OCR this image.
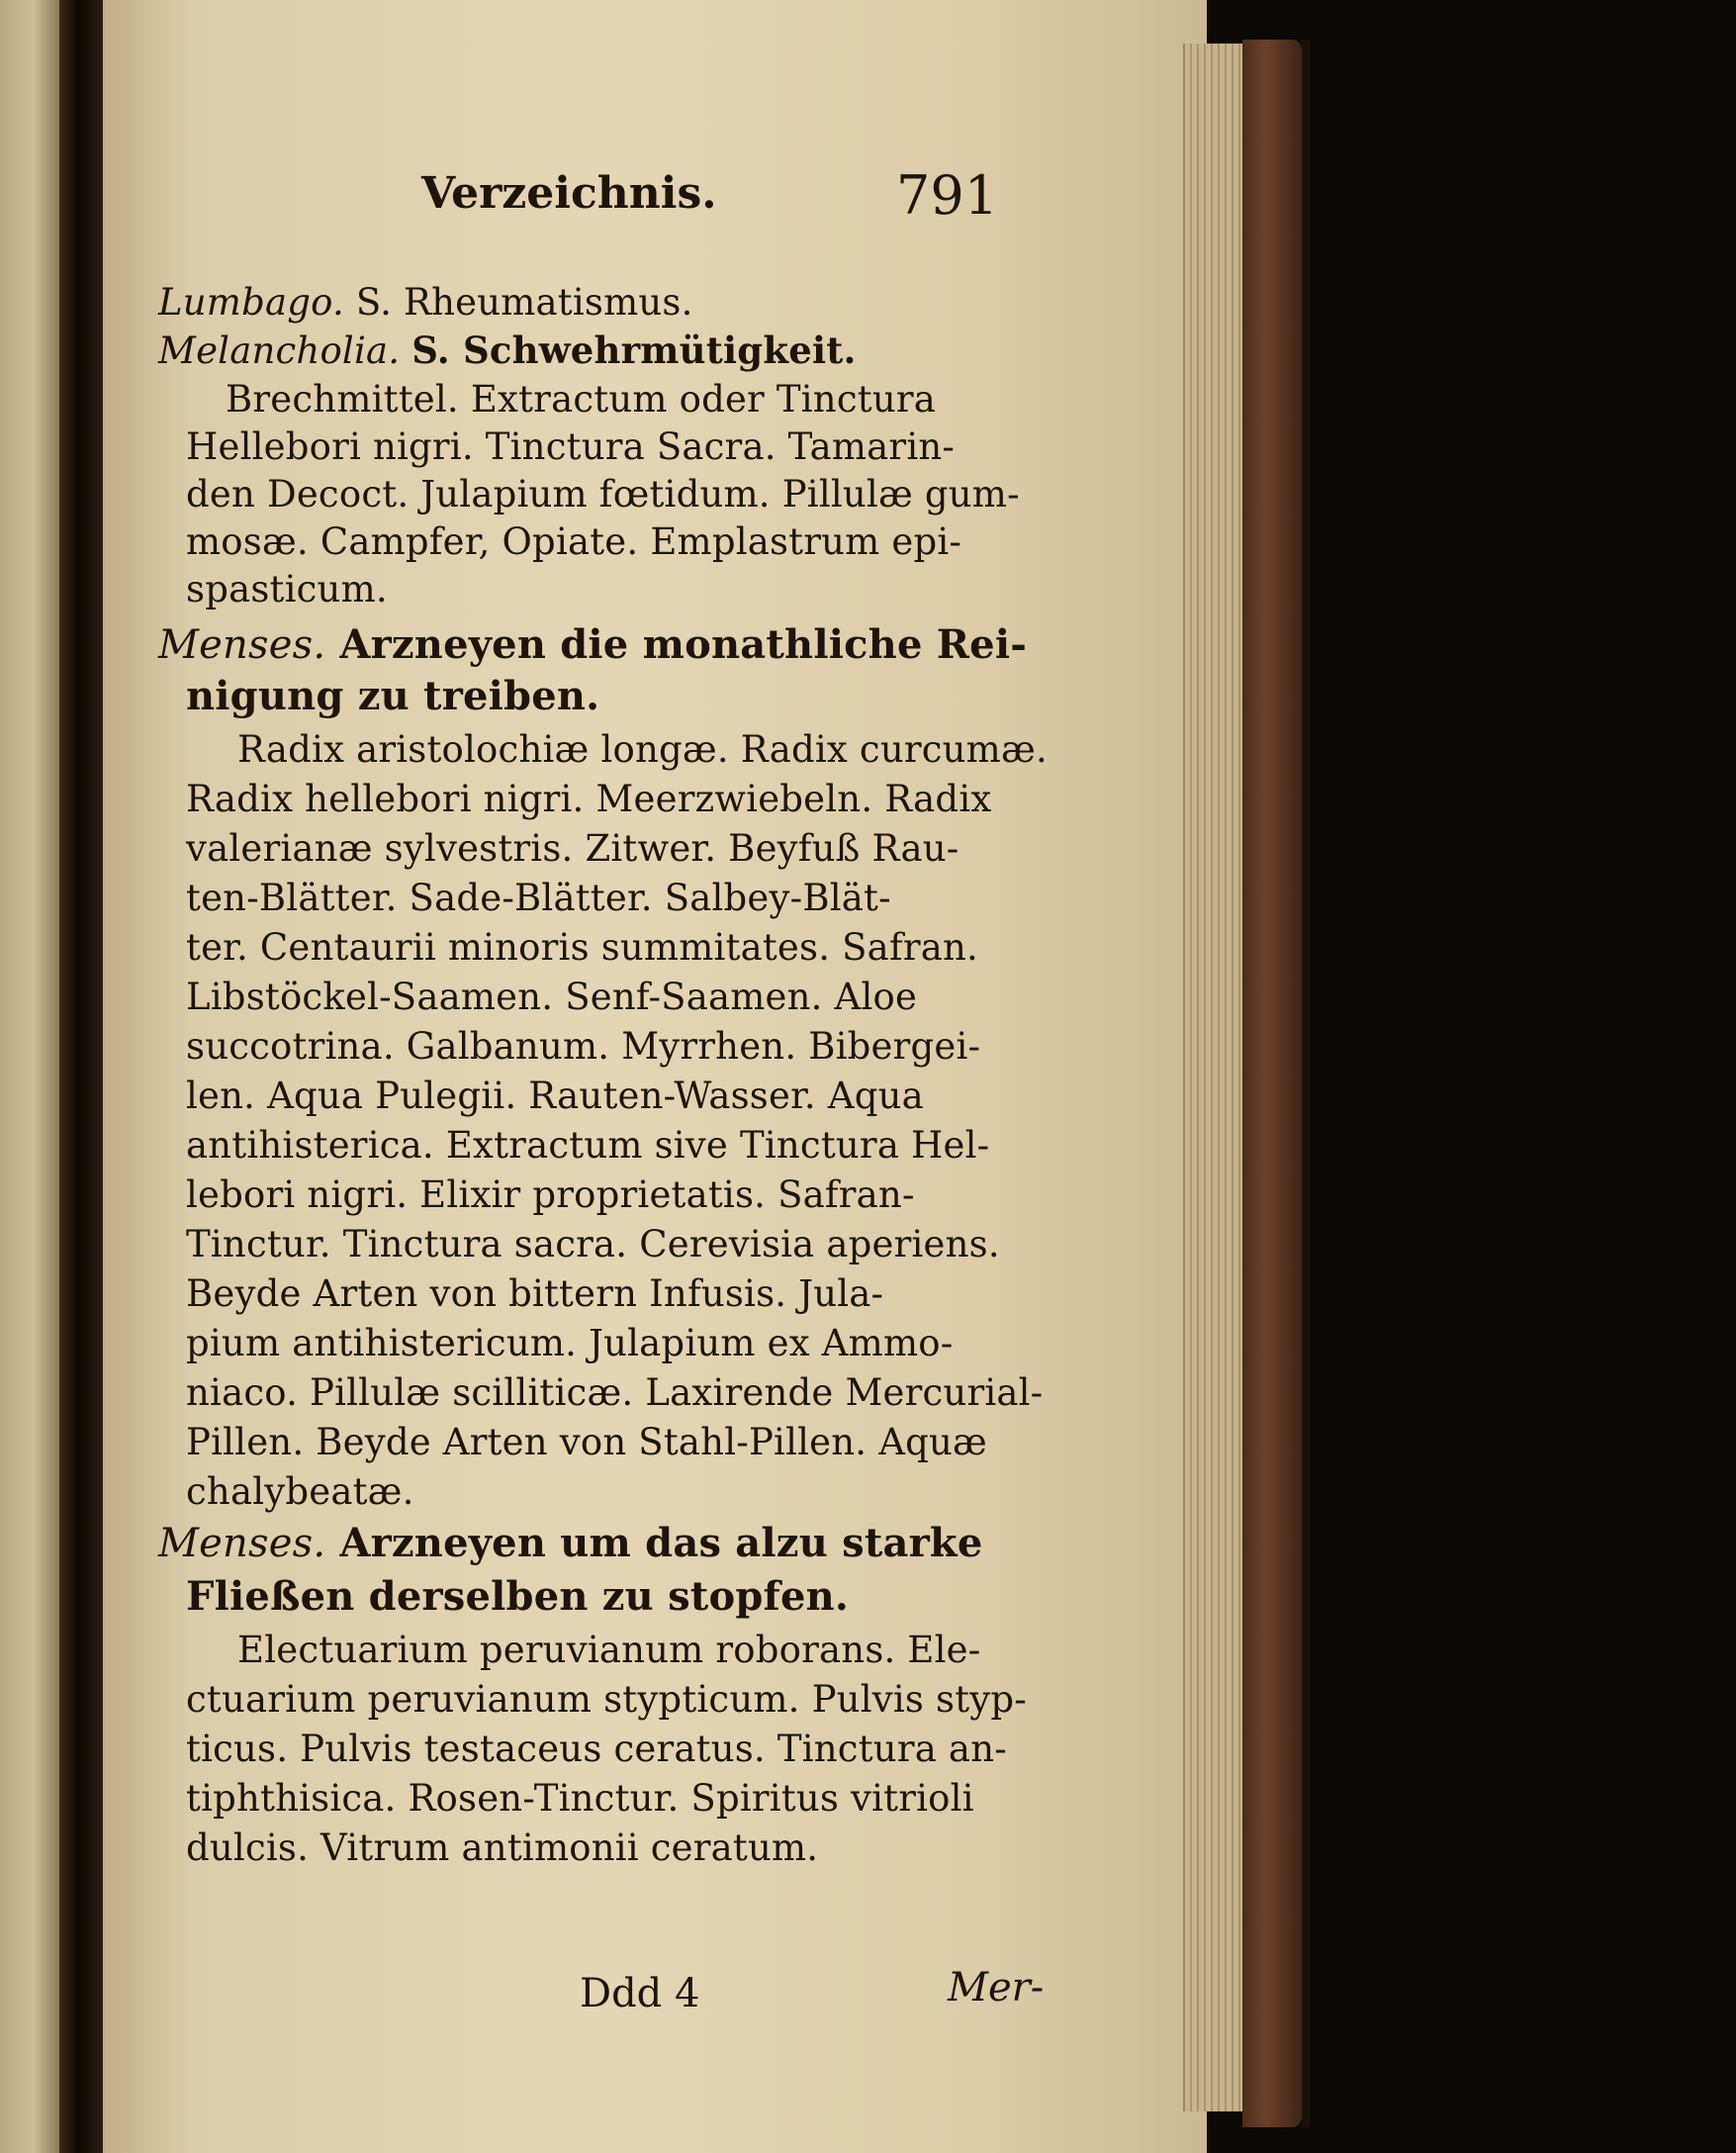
Verzeichnis.	791
Lumbago. S. Rheumatismus.
Melancholia. S. Schwehrmütigkeit.
Brechmittel. Extractum oder Tinctura
Hellebori nigri. Tinctura Sacra. Tamarin-
den Decoct. Julapium fœtidum. Pillulæ gum-
mosæ. Campfer, Opiate. Emplastrum epi-
spasticum.
Menses. Arzneyen die monathliche Rei-
nigung zu treiben.
Radix aristolochiæ longæ. Radix curcumæ.
Radix hellebori nigri. Meerzwiebeln. Radix
valerianæ sylvestris. Zitwer. Beyfuß Rau-
ten-Blätter. Sade-Blätter. Salbey-Blät-
ter. Centaurii minoris summitates. Safran.
Libstöckel-Saamen. Senf-Saamen. Aloe
succotrina. Galbanum. Myrrhen. Bibergei-
len. Aqua Pulegii. Rauten-Wasser. Aqua
antihisterica. Extractum sive Tinctura Hel-
lebori nigri. Elixir proprietatis. Safran-
Tinctur. Tinctura sacra. Cerevisia aperiens.
Beyde Arten von bittern Infusis. Jula-
pium antihistericum. Julapium ex Ammo-
niaco. Pillulæ scilliticæ. Laxirende Mercurial-
Pillen. Beyde Arten von Stahl-Pillen. Aquæ
chalybeatæ.
Menses. Arzneyen um das alzu starke
Fließen derselben zu stopfen.
Electuarium peruvianum roborans. Ele-
ctuarium peruvianum stypticum. Pulvis styp-
ticus. Pulvis testaceus ceratus. Tinctura an-
tiphthisica. Rosen-Tinctur. Spiritus vitrioli
dulcis. Vitrum antimonii ceratum.
Ddd 4	Mer-
